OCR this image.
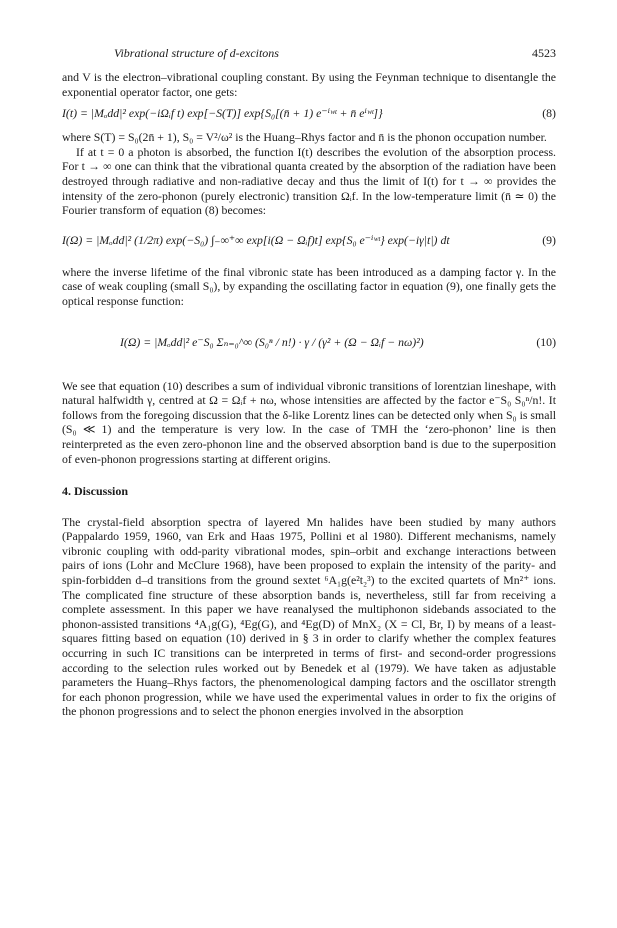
Vibrational structure of d-excitons	4523

and V is the electron–vibrational coupling constant. By using the Feynman technique to disentangle the exponential operator factor, one gets:

I(t) = |Mₒdd|² exp(−iΩᵢf t) exp[−S(T)] exp{S₀[(n̄ + 1) e⁻ⁱʷᵗ + n̄ eⁱʷᵗ]}	(8)

where S(T) = S₀(2n̄ + 1), S₀ = V²/ω² is the Huang–Rhys factor and n̄ is the phonon occupation number.

If at t = 0 a photon is absorbed, the function I(t) describes the evolution of the absorption process. For t → ∞ one can think that the vibrational quanta created by the absorption of the radiation have been destroyed through radiative and non-radiative decay and thus the limit of I(t) for t → ∞ provides the intensity of the zero-phonon (purely electronic) transition Ωᵢf. In the low-temperature limit (n̄ ≃ 0) the Fourier transform of equation (8) becomes:

I(Ω) = |Mₒdd|² (1/2π) exp(−S₀) ∫₋∞⁺∞ exp[i(Ω − Ωᵢf)t] exp{S₀ e⁻ⁱʷᵗ} exp(−iγ|t|) dt	(9)

where the inverse lifetime of the final vibronic state has been introduced as a damping factor γ. In the case of weak coupling (small S₀), by expanding the oscillating factor in equation (9), one finally gets the optical response function:

I(Ω) = |Mₒdd|² e⁻S₀ Σₙ₌₀^∞ (S₀ⁿ / n!) · γ / (γ² + (Ω − Ωᵢf − nω)²)	(10)

We see that equation (10) describes a sum of individual vibronic transitions of lorentzian lineshape, with natural halfwidth γ, centred at Ω = Ωᵢf + nω, whose intensities are affected by the factor e⁻S₀ S₀ⁿ/n!. It follows from the foregoing discussion that the δ-like Lorentz lines can be detected only when S₀ is small (S₀ ≪ 1) and the temperature is very low. In the case of TMH the ‘zero-phonon’ line is then reinterpreted as the even zero-phonon line and the observed absorption band is due to the superposition of even-phonon progressions starting at different origins.

4. Discussion

The crystal-field absorption spectra of layered Mn halides have been studied by many authors (Pappalardo 1959, 1960, van Erk and Haas 1975, Pollini et al 1980). Different mechanisms, namely vibronic coupling with odd-parity vibrational modes, spin–orbit and exchange interactions between pairs of ions (Lohr and McClure 1968), have been proposed to explain the intensity of the parity- and spin-forbidden d–d transitions from the ground sextet ⁶A₁g(e²t₂³) to the excited quartets of Mn²⁺ ions. The complicated fine structure of these absorption bands is, nevertheless, still far from receiving a complete assessment. In this paper we have reanalysed the multiphonon sidebands associated to the phonon-assisted transitions ⁴A₁g(G), ⁴Eg(G), and ⁴Eg(D) of MnX₂ (X = Cl, Br, I) by means of a least-squares fitting based on equation (10) derived in § 3 in order to clarify whether the complex features occurring in such IC transitions can be interpreted in terms of first- and second-order progressions according to the selection rules worked out by Benedek et al (1979). We have taken as adjustable parameters the Huang–Rhys factors, the phenomenological damping factors and the oscillator strength for each phonon progression, while we have used the experimental values in order to fix the origins of the phonon progressions and to select the phonon energies involved in the absorption
